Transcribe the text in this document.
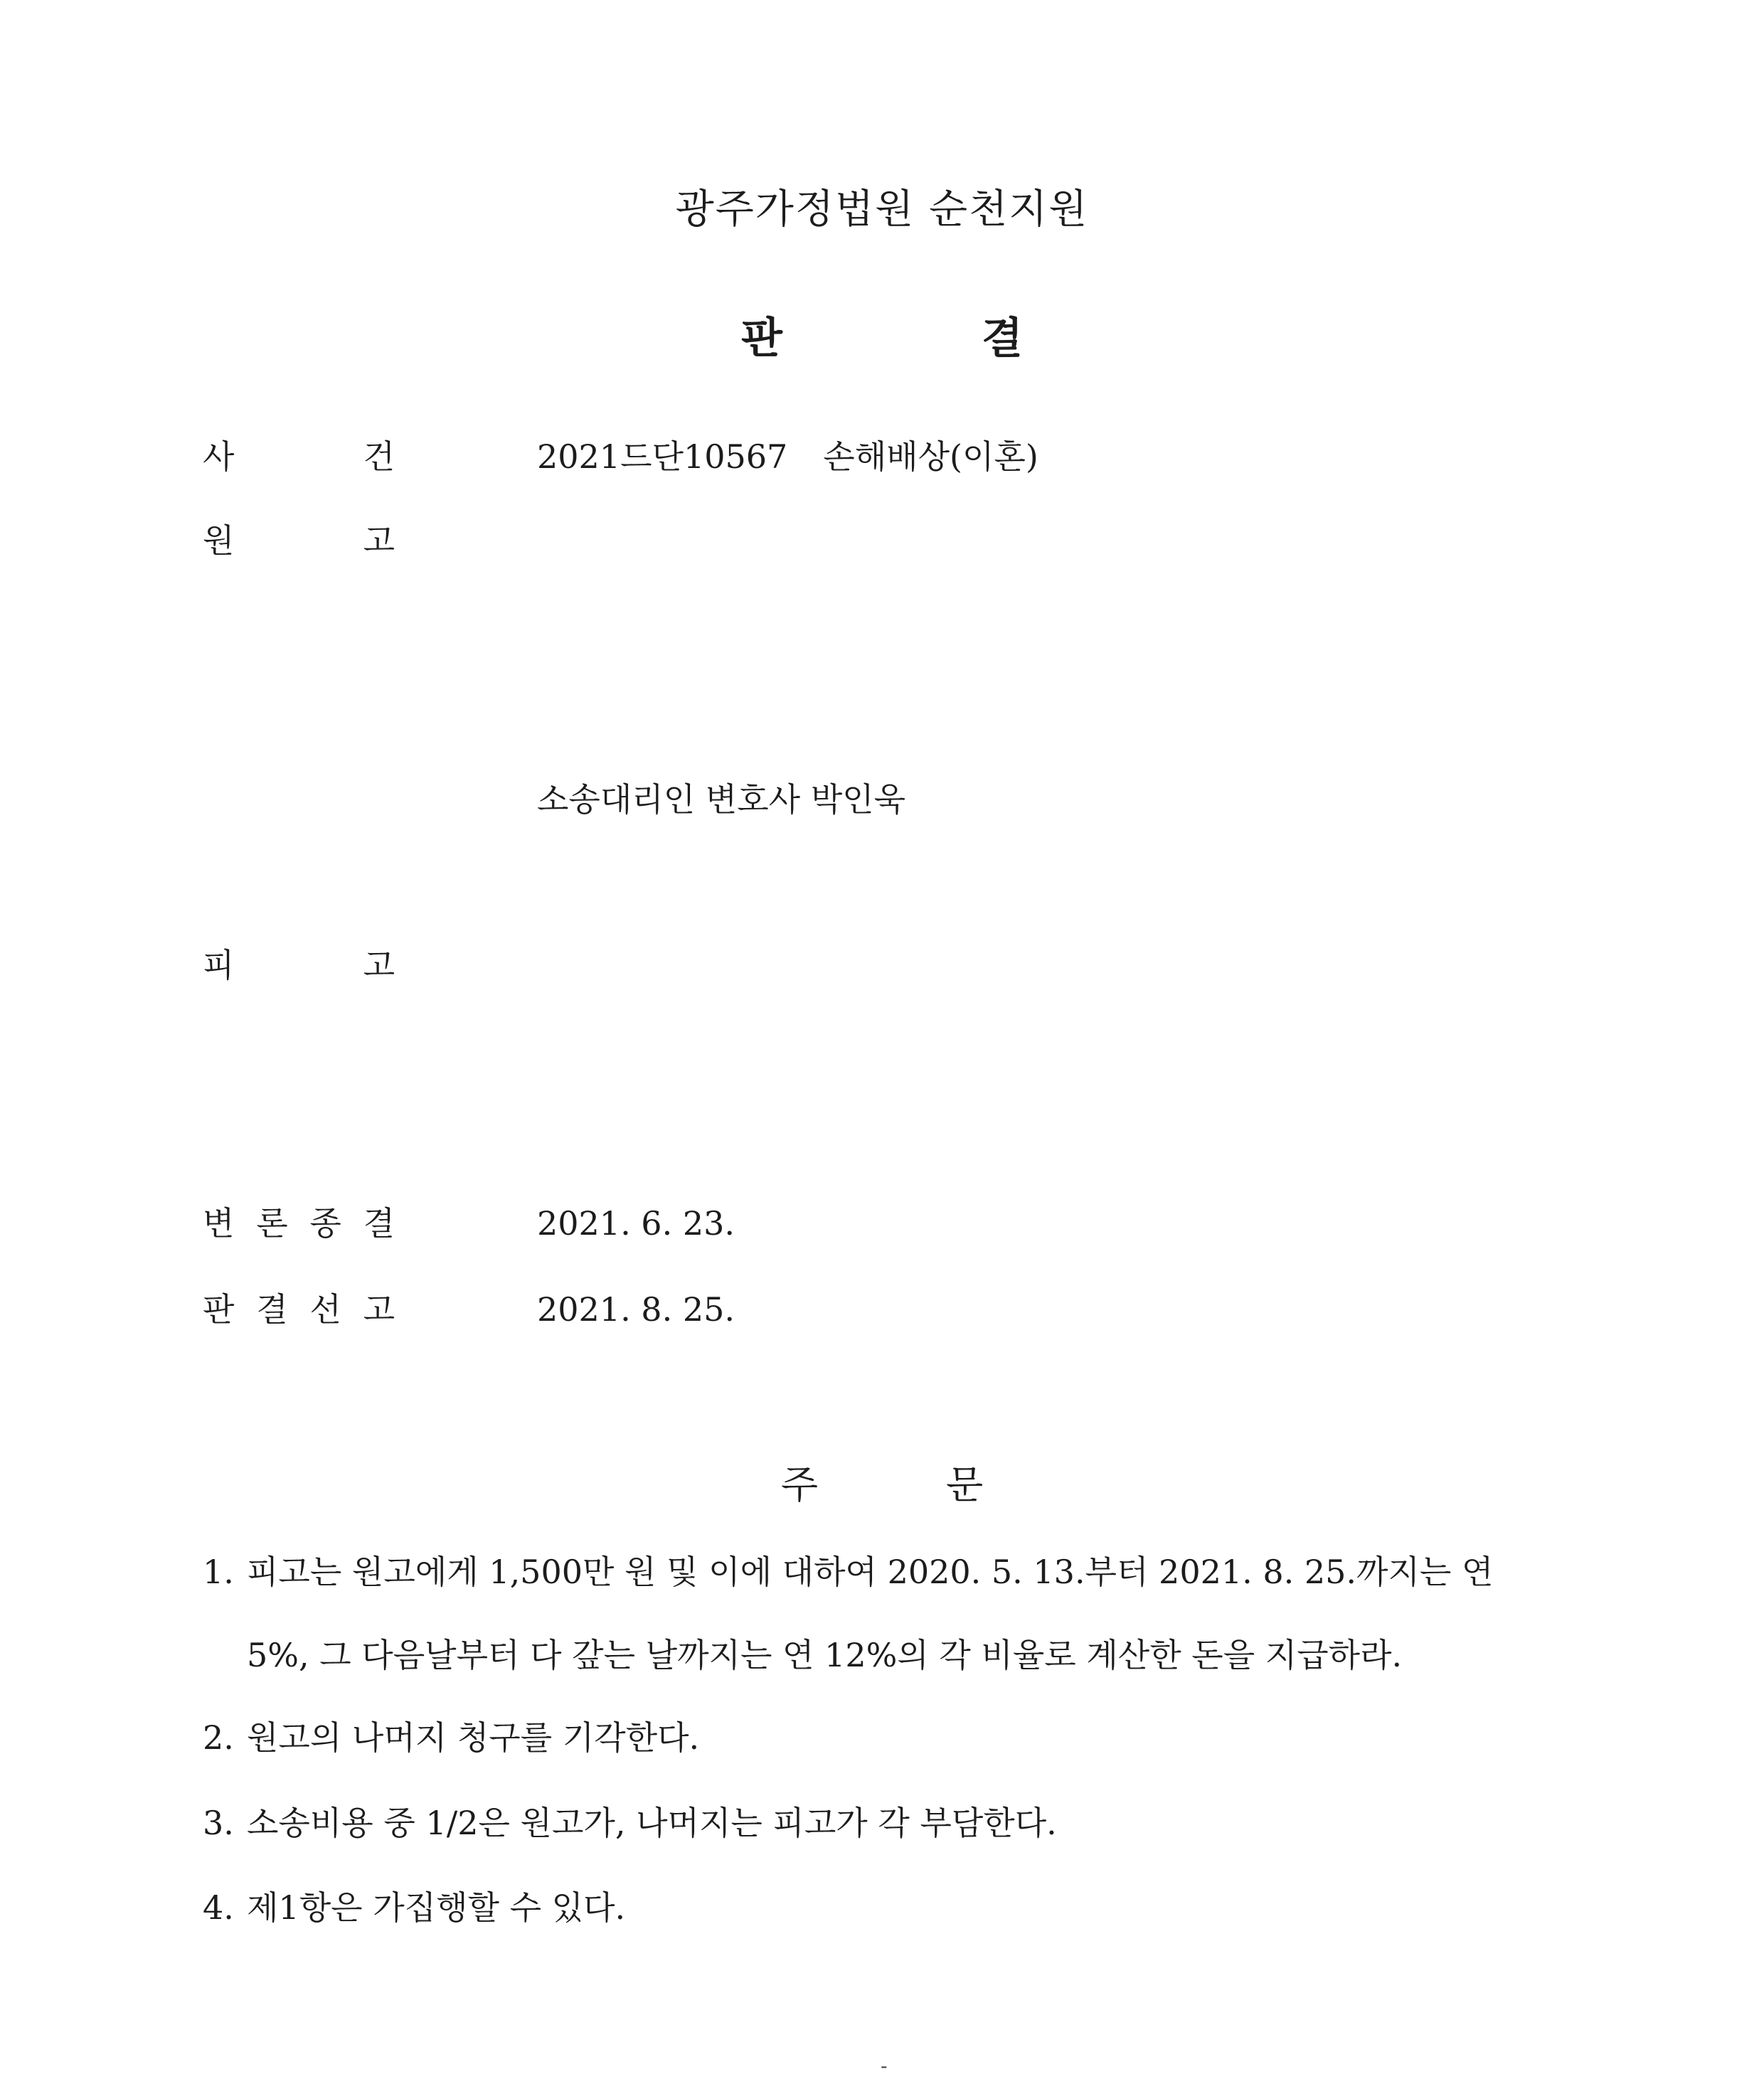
광주가정법원 순천지원
판	결
사	건	2021드단10567 손해배상(이혼)
원	고
소송대리인 변호사 박인욱
피	고
변 론 종 결	2021. 6. 23.
판 결 선 고	2021. 8. 25.
주	문
1. 피고는 원고에게 1,500만 원 및 이에 대하여 2020. 5. 13.부터 2021. 8. 25.까지는 연
5%, 그 다음날부터 다 갚는 날까지는 연 12%의 각 비율로 계산한 돈을 지급하라.
2. 원고의 나머지 청구를 기각한다.
3. 소송비용 중 1/2은 원고가, 나머지는 피고가 각 부담한다.
4. 제1항은 가집행할 수 있다.
-
